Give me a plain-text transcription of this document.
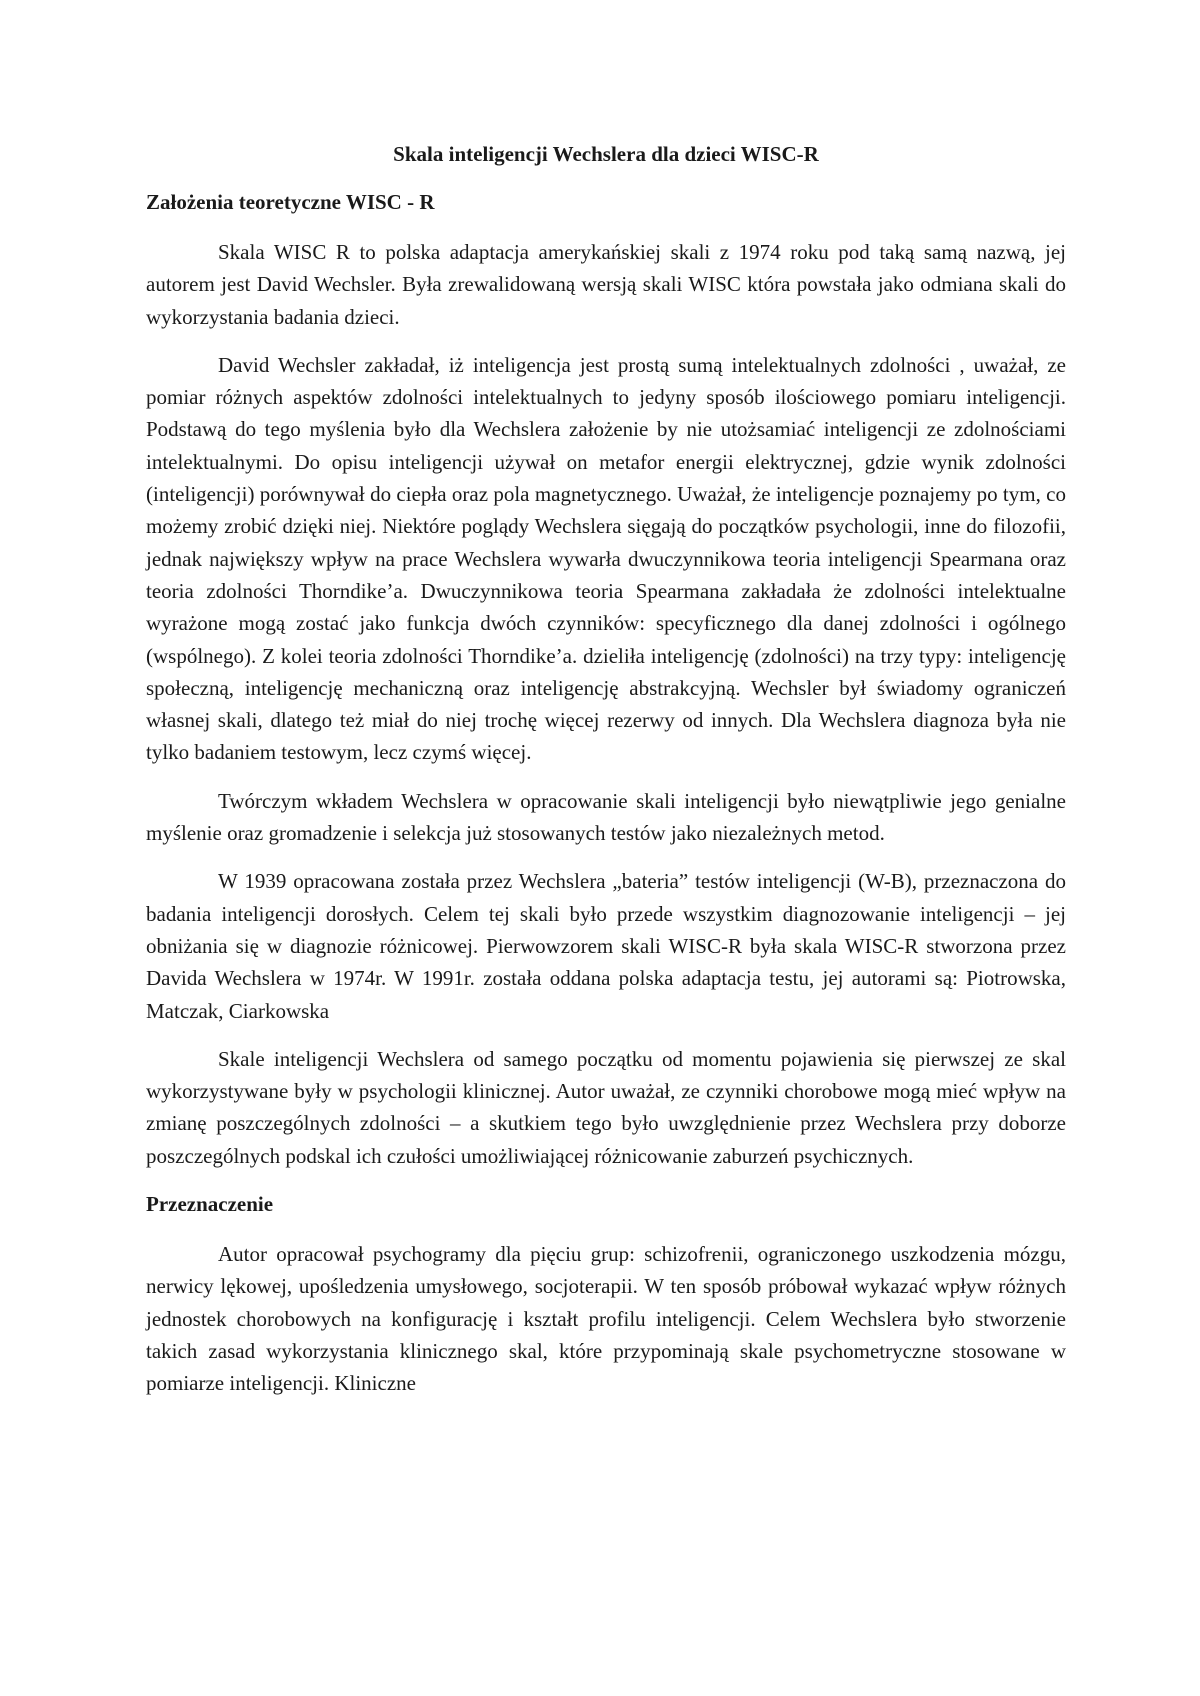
Skala inteligencji Wechslera dla dzieci WISC-R
Założenia teoretyczne WISC - R

Skala WISC R to polska adaptacja amerykańskiej skali z 1974 roku pod taką samą nazwą, jej autorem jest David Wechsler. Była zrewalidowaną wersją skali WISC która powstała jako odmiana skali do wykorzystania badania dzieci.

David Wechsler zakładał, iż inteligencja jest prostą sumą intelektualnych zdolności , uważał, ze pomiar różnych aspektów zdolności intelektualnych to jedyny sposób ilościowego pomiaru inteligencji. Podstawą do tego myślenia było dla Wechslera założenie by nie utożsamiać inteligencji ze zdolnościami intelektualnymi. Do opisu inteligencji używał on metafor energii elektrycznej, gdzie wynik zdolności (inteligencji) porównywał do ciepła oraz pola magnetycznego. Uważał, że inteligencje poznajemy po tym, co możemy zrobić dzięki niej. Niektóre poglądy Wechslera sięgają do początków psychologii, inne do filozofii, jednak największy wpływ na prace Wechslera wywarła dwuczynnikowa teoria inteligencji Spearmana oraz teoria zdolności Thorndike’a. Dwuczynnikowa teoria Spearmana zakładała że zdolności intelektualne wyrażone mogą zostać jako funkcja dwóch czynników: specyficznego dla danej zdolności i ogólnego (wspólnego). Z kolei teoria zdolności Thorndike’a. dzieliła inteligencję (zdolności) na trzy typy: inteligencję społeczną, inteligencję mechaniczną oraz inteligencję abstrakcyjną. Wechsler był świadomy ograniczeń własnej skali, dlatego też miał do niej trochę więcej rezerwy od innych. Dla Wechslera diagnoza była nie tylko badaniem testowym, lecz czymś więcej.

Twórczym wkładem Wechslera w opracowanie skali inteligencji było niewątpliwie jego genialne myślenie oraz gromadzenie i selekcja już stosowanych testów jako niezależnych metod.

W 1939 opracowana została przez Wechslera „bateria” testów inteligencji (W-B), przeznaczona do badania inteligencji dorosłych. Celem tej skali było przede wszystkim diagnozowanie inteligencji – jej obniżania się w diagnozie różnicowej. Pierwowzorem skali WISC-R była skala WISC-R stworzona przez Davida Wechslera w 1974r. W 1991r. została oddana polska adaptacja testu, jej autorami są: Piotrowska, Matczak, Ciarkowska

Skale inteligencji Wechslera od samego początku od momentu pojawienia się pierwszej ze skal wykorzystywane były w psychologii klinicznej. Autor uważał, ze czynniki chorobowe mogą mieć wpływ na zmianę poszczególnych zdolności – a skutkiem tego było uwzględnienie przez Wechslera przy doborze poszczególnych podskal ich czułości umożliwiającej różnicowanie zaburzeń psychicznych.

Przeznaczenie

Autor opracował psychogramy dla pięciu grup: schizofrenii, ograniczonego uszkodzenia mózgu, nerwicy lękowej, upośledzenia umysłowego, socjoterapii. W ten sposób próbował wykazać wpływ różnych jednostek chorobowych na konfigurację i kształt profilu inteligencji. Celem Wechslera było stworzenie takich zasad wykorzystania klinicznego skal, które przypominają skale psychometryczne stosowane w pomiarze inteligencji. Kliniczne
